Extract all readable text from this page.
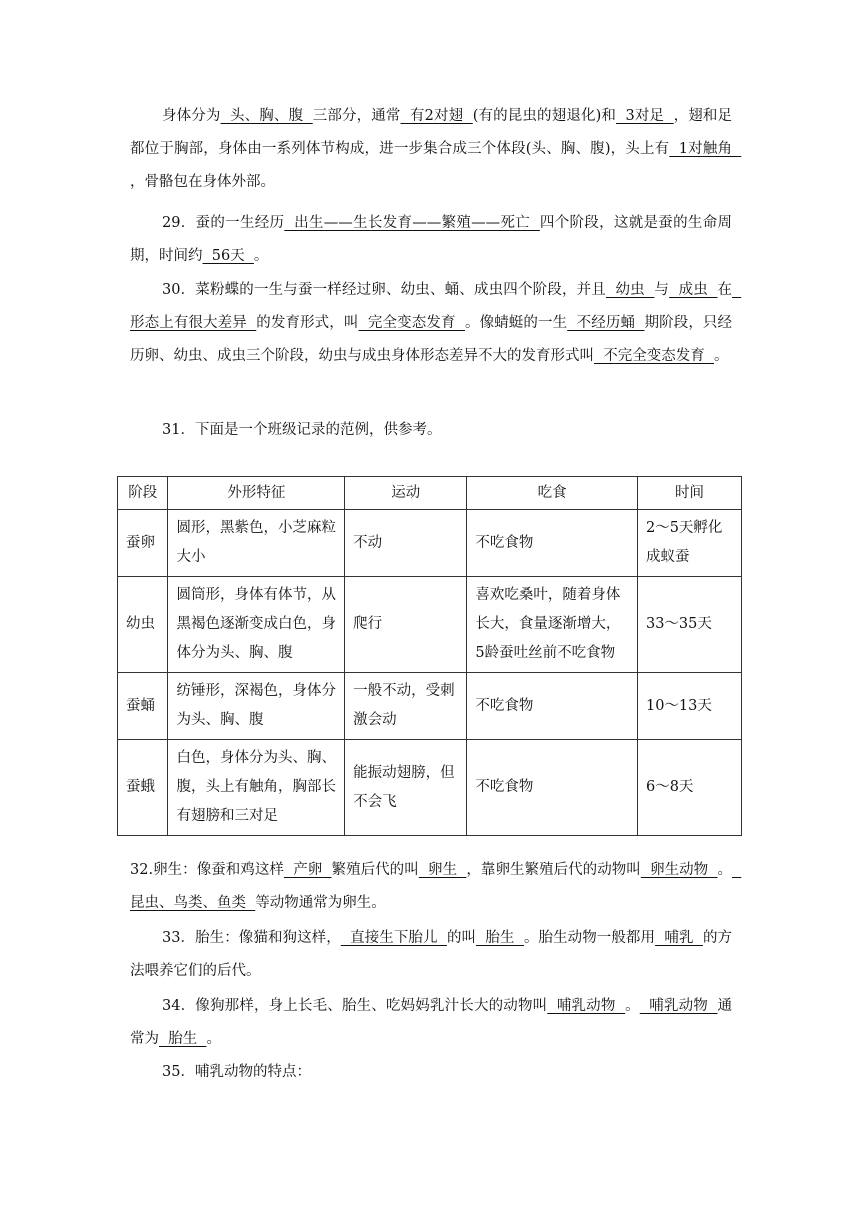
身体分为  头、胸、腹  三部分，通常  有2对翅  (有的昆虫的翅退化)和  3对足  ，翅和足都位于胸部，身体由一系列体节构成，进一步集合成三个体段(头、胸、腹)，头上有  1对触角  ，骨骼包在身体外部。

29．蚕的一生经历  出生——生长发育——繁殖——死亡  四个阶段，这就是蚕的生命周期，时间约  56天  。

30．菜粉蝶的一生与蚕一样经过卵、幼虫、蛹、成虫四个阶段，并且  幼虫  与  成虫  在  形态上有很大差异  的发育形式，叫  完全变态发育  。像蜻蜓的一生  不经历蛹  期阶段，只经历卵、幼虫、成虫三个阶段，幼虫与成虫身体形态差异不大的发育形式叫  不完全变态发育  。

31．下面是一个班级记录的范例，供参考。

阶段	外形特征	运动	吃食	时间
蚕卵	圆形，黑紫色，小芝麻粒大小	不动	不吃食物	2～5天孵化成蚁蚕
幼虫	圆筒形，身体有体节，从黑褐色逐渐变成白色，身体分为头、胸、腹	爬行	喜欢吃桑叶，随着身体长大，食量逐渐增大，5龄蚕吐丝前不吃食物	33～35天
蚕蛹	纺锤形，深褐色，身体分为头、胸、腹	一般不动，受刺激会动	不吃食物	10～13天
蚕蛾	白色，身体分为头、胸、腹，头上有触角，胸部长有翅膀和三对足	能振动翅膀，但不会飞	不吃食物	6～8天

32.卵生：像蚕和鸡这样  产卵  繁殖后代的叫  卵生  ，靠卵生繁殖后代的动物叫  卵生动物  。  昆虫、鸟类、鱼类  等动物通常为卵生。

33．胎生：像猫和狗这样，  直接生下胎儿  的叫  胎生  。胎生动物一般都用  哺乳  的方法喂养它们的后代。

34．像狗那样，身上长毛、胎生、吃妈妈乳汁长大的动物叫  哺乳动物  。  哺乳动物  通常为  胎生  。

35．哺乳动物的特点：
